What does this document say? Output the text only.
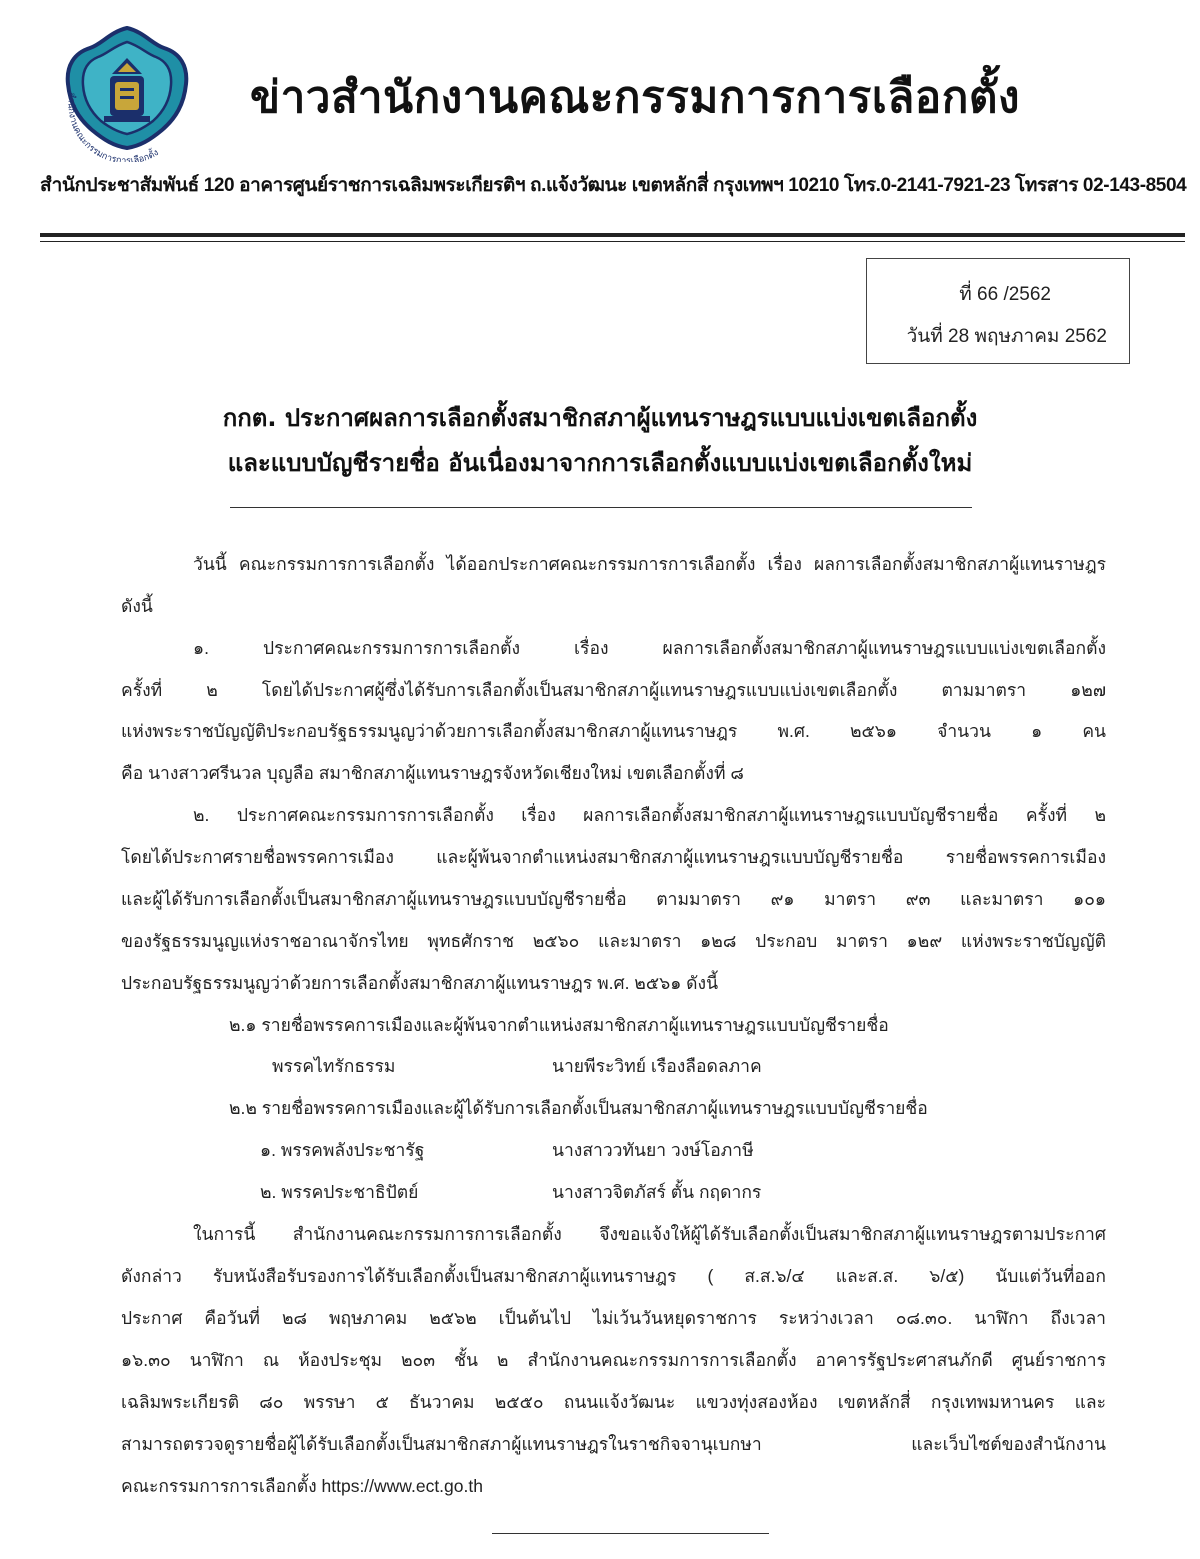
สำนักงานคณะกรรมการการเลือกตั้ง
ข่าวสำนักงานคณะกรรมการการเลือกตั้ง
สำนักประชาสัมพันธ์ 120 อาคารศูนย์ราชการเฉลิมพระเกียรติฯ ถ.แจ้งวัฒนะ เขตหลักสี่ กรุงเทพฯ 10210 โทร.0-2141-7921-23 โทรสาร 02-143-8504
ที่ 66 /2562
วันที่ 28 พฤษภาคม 2562
กกต. ประกาศผลการเลือกตั้งสมาชิกสภาผู้แทนราษฎรแบบแบ่งเขตเลือกตั้ง
และแบบบัญชีรายชื่อ อันเนื่องมาจากการเลือกตั้งแบบแบ่งเขตเลือกตั้งใหม่
วันนี้ คณะกรรมการการเลือกตั้ง ได้ออกประกาศคณะกรรมการการเลือกตั้ง เรื่อง ผลการเลือกตั้งสมาชิกสภาผู้แทนราษฎร
ดังนี้
๑. ประกาศคณะกรรมการการเลือกตั้ง เรื่อง ผลการเลือกตั้งสมาชิกสภาผู้แทนราษฎรแบบแบ่งเขตเลือกตั้ง
ครั้งที่ ๒ โดยได้ประกาศผู้ซึ่งได้รับการเลือกตั้งเป็นสมาชิกสภาผู้แทนราษฎรแบบแบ่งเขตเลือกตั้ง ตามมาตรา ๑๒๗
แห่งพระราชบัญญัติประกอบรัฐธรรมนูญว่าด้วยการเลือกตั้งสมาชิกสภาผู้แทนราษฎร พ.ศ. ๒๕๖๑ จำนวน ๑ คน
คือ นางสาวศรีนวล บุญลือ สมาชิกสภาผู้แทนราษฎรจังหวัดเชียงใหม่ เขตเลือกตั้งที่ ๘
๒. ประกาศคณะกรรมการการเลือกตั้ง เรื่อง ผลการเลือกตั้งสมาชิกสภาผู้แทนราษฎรแบบบัญชีรายชื่อ ครั้งที่ ๒
โดยได้ประกาศรายชื่อพรรคการเมือง และผู้พ้นจากตำแหน่งสมาชิกสภาผู้แทนราษฎรแบบบัญชีรายชื่อ รายชื่อพรรคการเมือง
และผู้ได้รับการเลือกตั้งเป็นสมาชิกสภาผู้แทนราษฎรแบบบัญชีรายชื่อ ตามมาตรา ๙๑ มาตรา ๙๓ และมาตรา ๑๐๑
ของรัฐธรรมนูญแห่งราชอาณาจักรไทย พุทธศักราช ๒๕๖๐ และมาตรา ๑๒๘ ประกอบ มาตรา ๑๒๙ แห่งพระราชบัญญัติ
ประกอบรัฐธรรมนูญว่าด้วยการเลือกตั้งสมาชิกสภาผู้แทนราษฎร พ.ศ. ๒๕๖๑ ดังนี้
๒.๑ รายชื่อพรรคการเมืองและผู้พ้นจากตำแหน่งสมาชิกสภาผู้แทนราษฎรแบบบัญชีรายชื่อ
พรรคไทรักธรรม	นายพีระวิทย์ เรืองลือดลภาค
๒.๒ รายชื่อพรรคการเมืองและผู้ได้รับการเลือกตั้งเป็นสมาชิกสภาผู้แทนราษฎรแบบบัญชีรายชื่อ
๑. พรรคพลังประชารัฐ	นางสาววทันยา วงษ์โอภาษี
๒. พรรคประชาธิปัตย์	นางสาวจิตภัสร์ ตั้น กฤดากร
ในการนี้ สำนักงานคณะกรรมการการเลือกตั้ง จึงขอแจ้งให้ผู้ได้รับเลือกตั้งเป็นสมาชิกสภาผู้แทนราษฎรตามประกาศ
ดังกล่าว รับหนังสือรับรองการได้รับเลือกตั้งเป็นสมาชิกสภาผู้แทนราษฎร ( ส.ส.๖/๔ และส.ส. ๖/๕) นับแต่วันที่ออก
ประกาศ คือวันที่ ๒๘ พฤษภาคม ๒๕๖๒ เป็นต้นไป ไม่เว้นวันหยุดราชการ ระหว่างเวลา ๐๘.๓๐. นาฬิกา ถึงเวลา
๑๖.๓๐ นาฬิกา ณ ห้องประชุม ๒๐๓ ชั้น ๒ สำนักงานคณะกรรมการการเลือกตั้ง อาคารรัฐประศาสนภักดี ศูนย์ราชการ
เฉลิมพระเกียรติ ๘๐ พรรษา ๕ ธันวาคม ๒๕๕๐ ถนนแจ้งวัฒนะ แขวงทุ่งสองห้อง เขตหลักสี่ กรุงเทพมหานคร และ
สามารถตรวจดูรายชื่อผู้ได้รับเลือกตั้งเป็นสมาชิกสภาผู้แทนราษฎรในราชกิจจานุเบกษา และเว็บไซต์ของสำนักงาน
คณะกรรมการการเลือกตั้ง https://www.ect.go.th
